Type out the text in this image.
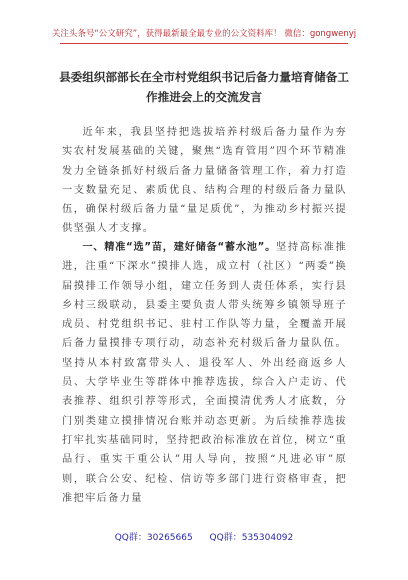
关注头条号“公文研究”，获得最新最全最专业的公文资料库！ 微信：gongwenyj
县委组织部部长在全市村党组织书记后备力量培育储备工
作推进会上的交流发言
近年来，我县坚持把选拔培养村级后备力量作为夯实农村发展基础的关键，聚焦“选育管用”四个环节精准发力全链条抓好村级后备力量储备管理工作，着力打造一支数量充足、素质优良、结构合理的村级后备力量队伍，确保村级后备力量“量足质优”，为推动乡村振兴提供坚强人才支撑。
一、精准“选”苗，建好储备“蓄水池”。坚持高标准推进，注重“下深水”摸排人选，成立村（社区）“两委”换届摸排工作领导小组，建立任务到人责任体系，实行县乡村三级联动，县委主要负责人带头统筹乡镇领导班子成员、村党组织书记、驻村工作队等力量，全覆盖开展后备力量摸排专项行动，动态补充村级后备力量队伍。坚持从本村致富带头人、退役军人、外出经商返乡人员、大学毕业生等群体中推荐选拔，综合入户走访、代表推荐、组织引荐等形式，全面摸清优秀人才底数，分门别类建立摸排情况台账并动态更新。为后续推荐选拔打牢扎实基础同时，坚持把政治标准放在首位，树立“重品行、重实干重公认”用人导向，按照“凡进必审”原则，联合公安、纪检、信访等多部门进行资格审查，把准把牢后备力量
QQ群：30265665 QQ群：535304092
